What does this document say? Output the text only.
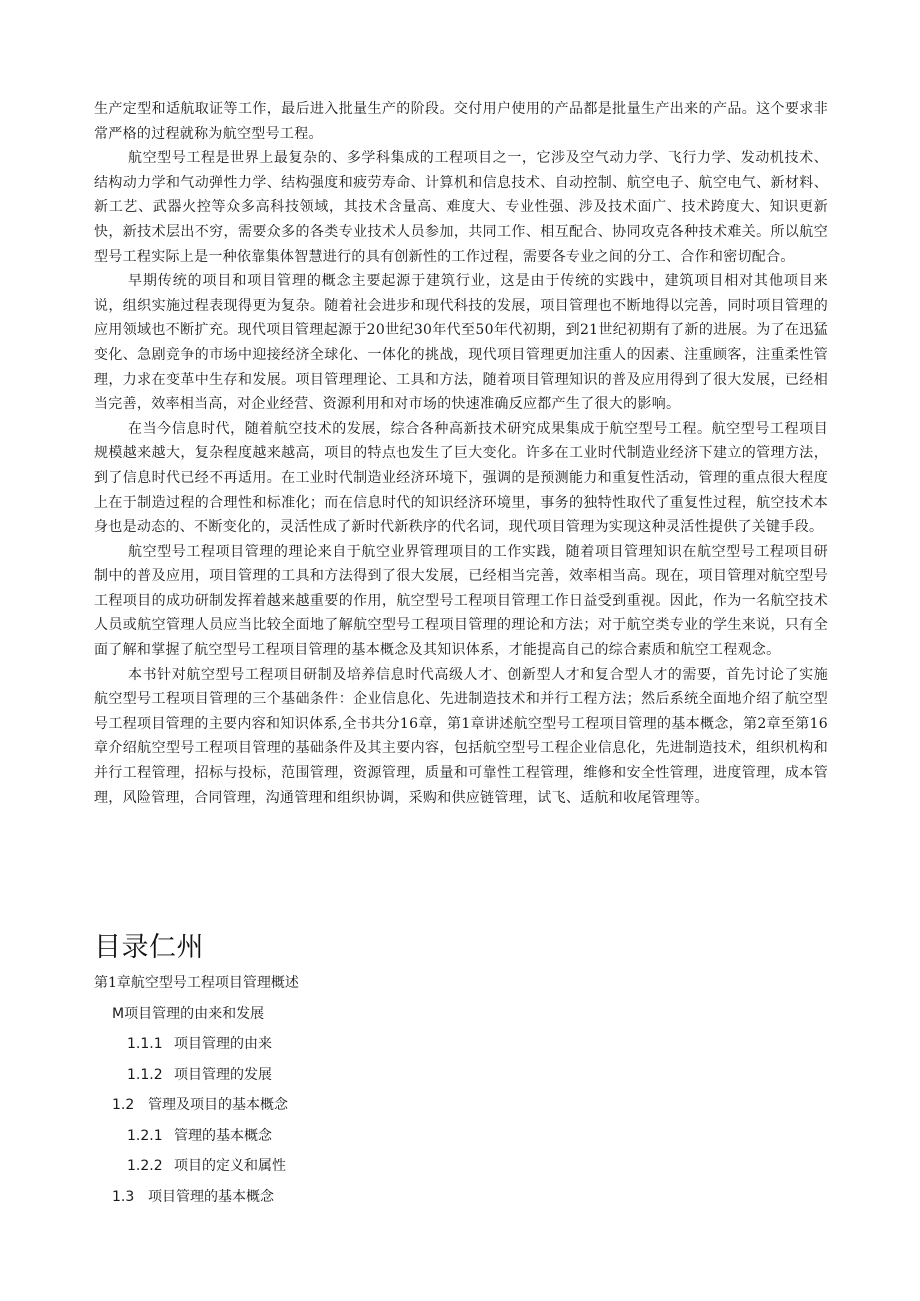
生产定型和适航取证等工作，最后进入批量生产的阶段。交付用户使用的产品都是批量生产出来的产品。这个要求非常严格的过程就称为航空型号工程。

航空型号工程是世界上最复杂的、多学科集成的工程项目之一，它涉及空气动力学、飞行力学、发动机技术、结构动力学和气动弹性力学、结构强度和疲劳寿命、计算机和信息技术、自动控制、航空电子、航空电气、新材料、新工艺、武器火控等众多高科技领域，其技术含量高、难度大、专业性强、涉及技术面广、技术跨度大、知识更新快，新技术层出不穷，需要众多的各类专业技术人员参加，共同工作、相互配合、协同攻克各种技术难关。所以航空型号工程实际上是一种依靠集体智慧进行的具有创新性的工作过程，需要各专业之间的分工、合作和密切配合。

早期传统的项目和项目管理的概念主要起源于建筑行业，这是由于传统的实践中，建筑项目相对其他项目来说，组织实施过程表现得更为复杂。随着社会进步和现代科技的发展，项目管理也不断地得以完善，同时项目管理的应用领域也不断扩充。现代项目管理起源于20世纪30年代至50年代初期，到21世纪初期有了新的进展。为了在迅猛变化、急剧竞争的市场中迎接经济全球化、一体化的挑战，现代项目管理更加注重人的因素、注重顾客，注重柔性管理，力求在变革中生存和发展。项目管理理论、工具和方法，随着项目管理知识的普及应用得到了很大发展，已经相当完善，效率相当高，对企业经营、资源利用和对市场的快速准确反应都产生了很大的影响。

在当今信息时代，随着航空技术的发展，综合各种高新技术研究成果集成于航空型号工程。航空型号工程项目规模越来越大，复杂程度越来越高，项目的特点也发生了巨大变化。许多在工业时代制造业经济下建立的管理方法，到了信息时代已经不再适用。在工业时代制造业经济环境下，强调的是预测能力和重复性活动，管理的重点很大程度上在于制造过程的合理性和标准化；而在信息时代的知识经济环境里，事务的独特性取代了重复性过程，航空技术本身也是动态的、不断变化的，灵活性成了新时代新秩序的代名词，现代项目管理为实现这种灵活性提供了关键手段。

航空型号工程项目管理的理论来自于航空业界管理项目的工作实践，随着项目管理知识在航空型号工程项目研制中的普及应用，项目管理的工具和方法得到了很大发展，已经相当完善，效率相当高。现在，项目管理对航空型号工程项目的成功研制发挥着越来越重要的作用，航空型号工程项目管理工作日益受到重视。因此，作为一名航空技术人员或航空管理人员应当比较全面地了解航空型号工程项目管理的理论和方法；对于航空类专业的学生来说，只有全面了解和掌握了航空型号工程项目管理的基本概念及其知识体系，才能提高自己的综合素质和航空工程观念。

本书针对航空型号工程项目研制及培养信息时代高级人才、创新型人才和复合型人才的需要，首先讨论了实施航空型号工程项目管理的三个基础条件：企业信息化、先进制造技术和并行工程方法；然后系统全面地介绍了航空型号工程项目管理的主要内容和知识体系,全书共分16章，第1章讲述航空型号工程项目管理的基本概念，第2章至第16章介绍航空型号工程项目管理的基础条件及其主要内容，包括航空型号工程企业信息化，先进制造技术，组织机构和并行工程管理，招标与投标，范围管理，资源管理，质量和可靠性工程管理，维修和安全性管理，进度管理，成本管理，风险管理，合同管理，沟通管理和组织协调，采购和供应链管理，试飞、适航和收尾管理等。

目录仁州
第1章航空型号工程项目管理概述
M项目管理的由来和发展
1.1.1 项目管理的由来
1.1.2 项目管理的发展
1.2 管理及项目的基本概念
1.2.1 管理的基本概念
1.2.2 项目的定义和属性
1.3 项目管理的基本概念
